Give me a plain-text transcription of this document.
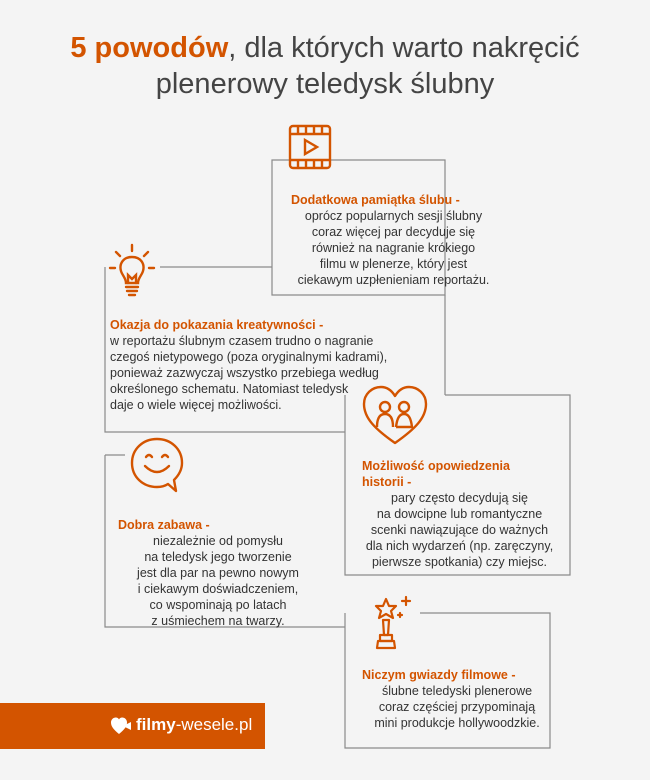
5 powodów, dla których warto nakręcić
plenerowy teledysk ślubny
Dodatkowa pamiątka ślubu -
oprócz popularnych sesji ślubny
coraz więcej par decyduje się
również na nagranie krókiego
filmu w plenerze, który jest
ciekawym uzpłenieniam reportażu.
Okazja do pokazania kreatywności -
w reportażu ślubnym czasem trudno o nagranie
czegoś nietypowego (poza oryginalnymi kadrami),
ponieważ zazwyczaj wszystko przebiega według
określonego schematu. Natomiast teledysk
daje o wiele więcej możliwości.
Możliwość opowiedzenia
historii -
pary często decydują się
na dowcipne lub romantyczne
scenki nawiązujące do ważnych
dla nich wydarzeń (np. zaręczyny,
pierwsze spotkania) czy miejsc.
Dobra zabawa -
niezależnie od pomysłu
na teledysk jego tworzenie
jest dla par na pewno nowym
i ciekawym doświadczeniem,
co wspominają po latach
z uśmiechem na twarzy.
Niczym gwiazdy filmowe -
ślubne teledyski plenerowe
coraz częściej przypominają
mini produkcje hollywoodzkie.
filmy-wesele.pl
